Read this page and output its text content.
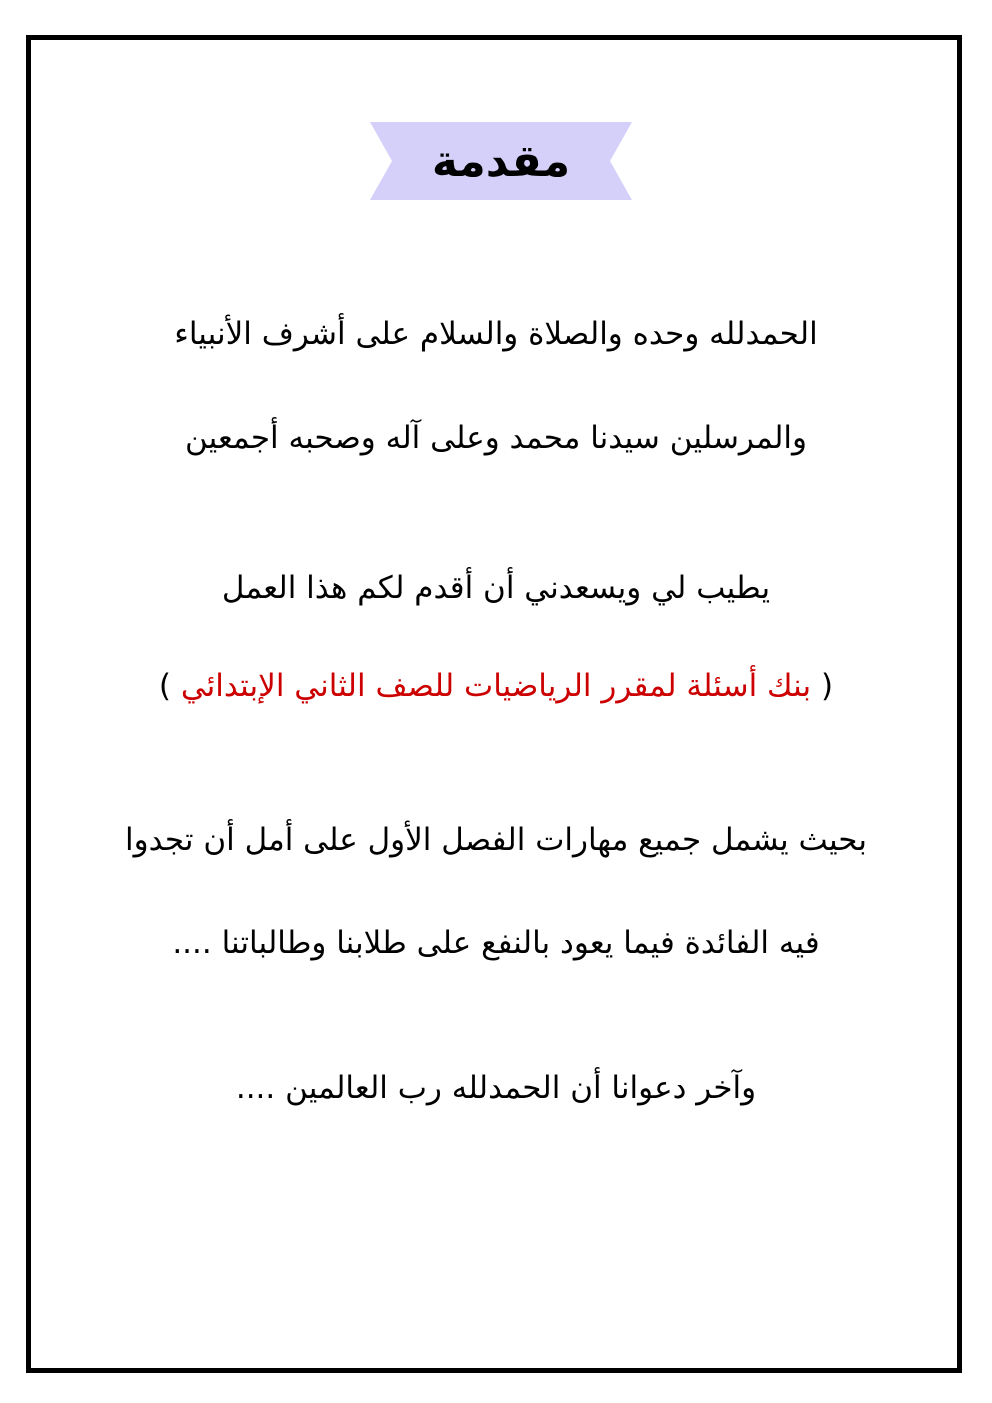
مقدمة
الحمدلله وحده والصلاة والسلام على أشرف الأنبياء
والمرسلين سيدنا محمد وعلى آله وصحبه أجمعين
يطيب لي ويسعدني أن أقدم لكم هذا العمل
( بنك أسئلة لمقرر الرياضيات للصف الثاني الإبتدائي )
بحيث يشمل جميع مهارات الفصل الأول على أمل أن تجدوا
فيه الفائدة فيما يعود بالنفع على طلابنا وطالباتنا ....
وآخر دعوانا أن الحمدلله رب العالمين ....
